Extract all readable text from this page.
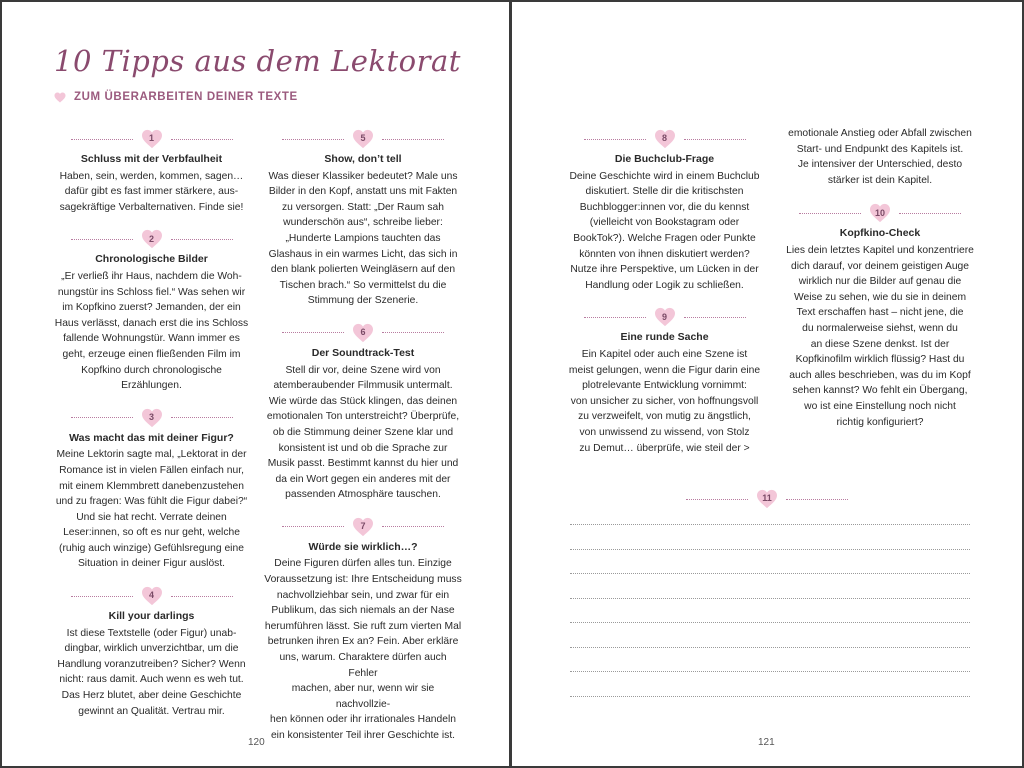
10 Tipps aus dem Lektorat
ZUM ÜBERARBEITEN DEINER TEXTE
1
Schluss mit der Verbfaulheit
Haben, sein, werden, kommen, sagen…
dafür gibt es fast immer stärkere, aus-
sagekräftige Verbalternativen. Finde sie!
2
Chronologische Bilder
„Er verließ ihr Haus, nachdem die Woh-
nungstür ins Schloss fiel.“ Was sehen wir
im Kopfkino zuerst? Jemanden, der ein
Haus verlässt, danach erst die ins Schloss
fallende Wohnungstür. Wann immer es
geht, erzeuge einen fließenden Film im
Kopfkino durch chronologische Erzählungen.
3
Was macht das mit deiner Figur?
Meine Lektorin sagte mal, „Lektorat in der
Romance ist in vielen Fällen einfach nur,
mit einem Klemmbrett danebenzustehen
und zu fragen: Was fühlt die Figur dabei?“
Und sie hat recht. Verrate deinen
Leser:innen, so oft es nur geht, welche
(ruhig auch winzige) Gefühlsregung eine
Situation in deiner Figur auslöst.
4
Kill your darlings
Ist diese Textstelle (oder Figur) unab-
dingbar, wirklich unverzichtbar, um die
Handlung voranzutreiben? Sicher? Wenn
nicht: raus damit. Auch wenn es weh tut.
Das Herz blutet, aber deine Geschichte
gewinnt an Qualität. Vertrau mir.
5
Show, don’t tell
Was dieser Klassiker bedeutet? Male uns
Bilder in den Kopf, anstatt uns mit Fakten
zu versorgen. Statt: „Der Raum sah
wunderschön aus“, schreibe lieber:
„Hunderte Lampions tauchten das
Glashaus in ein warmes Licht, das sich in
den blank polierten Weingläsern auf den
Tischen brach.“ So vermittelst du die
Stimmung der Szenerie.
6
Der Soundtrack-Test
Stell dir vor, deine Szene wird von
atemberaubender Filmmusik untermalt.
Wie würde das Stück klingen, das deinen
emotionalen Ton unterstreicht? Überprüfe,
ob die Stimmung deiner Szene klar und
konsistent ist und ob die Sprache zur
Musik passt. Bestimmt kannst du hier und
da ein Wort gegen ein anderes mit der
passenden Atmosphäre tauschen.
7
Würde sie wirklich…?
Deine Figuren dürfen alles tun. Einzige
Voraussetzung ist: Ihre Entscheidung muss
nachvollziehbar sein, und zwar für ein
Publikum, das sich niemals an der Nase
herumführen lässt. Sie ruft zum vierten Mal
betrunken ihren Ex an? Fein. Aber erkläre
uns, warum. Charaktere dürfen auch Fehler
machen, aber nur, wenn wir sie nachvollzie-
hen können oder ihr irrationales Handeln
ein konsistenter Teil ihrer Geschichte ist.
120
8
Die Buchclub-Frage
Deine Geschichte wird in einem Buchclub
diskutiert. Stelle dir die kritischsten
Buchblogger:innen vor, die du kennst
(vielleicht von Bookstagram oder
BookTok?). Welche Fragen oder Punkte
könnten von ihnen diskutiert werden?
Nutze ihre Perspektive, um Lücken in der
Handlung oder Logik zu schließen.
9
Eine runde Sache
Ein Kapitel oder auch eine Szene ist
meist gelungen, wenn die Figur darin eine
plotrelevante Entwicklung vornimmt:
von unsicher zu sicher, von hoffnungsvoll
zu verzweifelt, von mutig zu ängstlich,
von unwissend zu wissend, von Stolz
zu Demut… überprüfe, wie steil der >
emotionale Anstieg oder Abfall zwischen
Start- und Endpunkt des Kapitels ist.
Je intensiver der Unterschied, desto
stärker ist dein Kapitel.
10
Kopfkino-Check
Lies dein letztes Kapitel und konzentriere
dich darauf, vor deinem geistigen Auge
wirklich nur die Bilder auf genau die
Weise zu sehen, wie du sie in deinem
Text erschaffen hast – nicht jene, die
du normalerweise siehst, wenn du
an diese Szene denkst. Ist der
Kopfkinofilm wirklich flüssig? Hast du
auch alles beschrieben, was du im Kopf
sehen kannst? Wo fehlt ein Übergang,
wo ist eine Einstellung noch nicht
richtig konfiguriert?
11
121
